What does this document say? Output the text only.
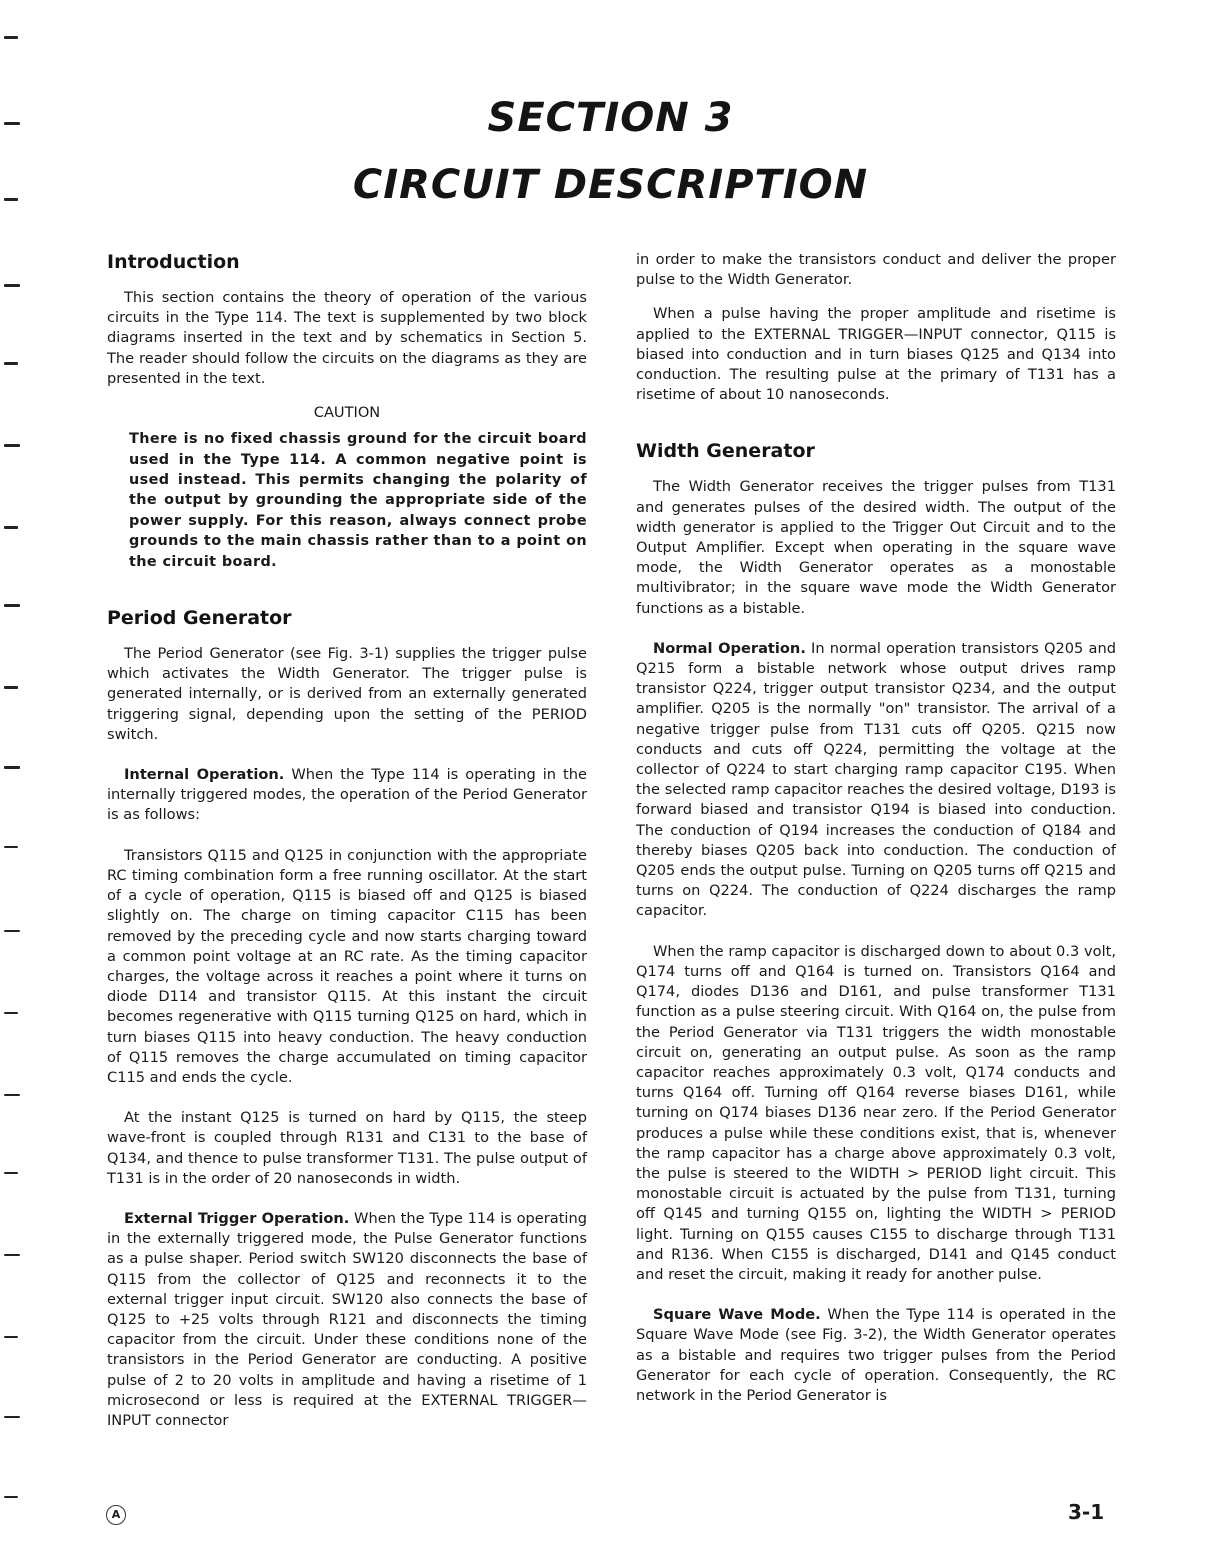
SECTION 3
CIRCUIT DESCRIPTION
Introduction

This section contains the theory of operation of the various circuits in the Type 114. The text is supplemented by two block diagrams inserted in the text and by schematics in Section 5. The reader should follow the circuits on the diagrams as they are presented in the text.

CAUTION

There is no fixed chassis ground for the circuit board used in the Type 114. A common negative point is used instead. This permits changing the polarity of the output by grounding the appropriate side of the power supply. For this reason, always connect probe grounds to the main chassis rather than to a point on the circuit board.

Period Generator

The Period Generator (see Fig. 3-1) supplies the trigger pulse which activates the Width Generator. The trigger pulse is generated internally, or is derived from an externally generated triggering signal, depending upon the setting of the PERIOD switch.

Internal Operation. When the Type 114 is operating in the internally triggered modes, the operation of the Period Generator is as follows:

Transistors Q115 and Q125 in conjunction with the appropriate RC timing combination form a free running oscillator. At the start of a cycle of operation, Q115 is biased off and Q125 is biased slightly on. The charge on timing capacitor C115 has been removed by the preceding cycle and now starts charging toward a common point voltage at an RC rate. As the timing capacitor charges, the voltage across it reaches a point where it turns on diode D114 and transistor Q115. At this instant the circuit becomes regenerative with Q115 turning Q125 on hard, which in turn biases Q115 into heavy conduction. The heavy conduction of Q115 removes the charge accumulated on timing capacitor C115 and ends the cycle.

At the instant Q125 is turned on hard by Q115, the steep wave-front is coupled through R131 and C131 to the base of Q134, and thence to pulse transformer T131. The pulse output of T131 is in the order of 20 nanoseconds in width.

External Trigger Operation. When the Type 114 is operating in the externally triggered mode, the Pulse Generator functions as a pulse shaper. Period switch SW120 disconnects the base of Q115 from the collector of Q125 and reconnects it to the external trigger input circuit. SW120 also connects the base of Q125 to +25 volts through R121 and disconnects the timing capacitor from the circuit. Under these conditions none of the transistors in the Period Generator are conducting. A positive pulse of 2 to 20 volts in amplitude and having a risetime of 1 microsecond or less is required at the EXTERNAL TRIGGER—INPUT connector

in order to make the transistors conduct and deliver the proper pulse to the Width Generator.

When a pulse having the proper amplitude and risetime is applied to the EXTERNAL TRIGGER—INPUT connector, Q115 is biased into conduction and in turn biases Q125 and Q134 into conduction. The resulting pulse at the primary of T131 has a risetime of about 10 nanoseconds.

Width Generator

The Width Generator receives the trigger pulses from T131 and generates pulses of the desired width. The output of the width generator is applied to the Trigger Out Circuit and to the Output Amplifier. Except when operating in the square wave mode, the Width Generator operates as a monostable multivibrator; in the square wave mode the Width Generator functions as a bistable.

Normal Operation. In normal operation transistors Q205 and Q215 form a bistable network whose output drives ramp transistor Q224, trigger output transistor Q234, and the output amplifier. Q205 is the normally "on" transistor. The arrival of a negative trigger pulse from T131 cuts off Q205. Q215 now conducts and cuts off Q224, permitting the voltage at the collector of Q224 to start charging ramp capacitor C195. When the selected ramp capacitor reaches the desired voltage, D193 is forward biased and transistor Q194 is biased into conduction. The conduction of Q194 increases the conduction of Q184 and thereby biases Q205 back into conduction. The conduction of Q205 ends the output pulse. Turning on Q205 turns off Q215 and turns on Q224. The conduction of Q224 discharges the ramp capacitor.

When the ramp capacitor is discharged down to about 0.3 volt, Q174 turns off and Q164 is turned on. Transistors Q164 and Q174, diodes D136 and D161, and pulse transformer T131 function as a pulse steering circuit. With Q164 on, the pulse from the Period Generator via T131 triggers the width monostable circuit on, generating an output pulse. As soon as the ramp capacitor reaches approximately 0.3 volt, Q174 conducts and turns Q164 off. Turning off Q164 reverse biases D161, while turning on Q174 biases D136 near zero. If the Period Generator produces a pulse while these conditions exist, that is, whenever the ramp capacitor has a charge above approximately 0.3 volt, the pulse is steered to the WIDTH > PERIOD light circuit. This monostable circuit is actuated by the pulse from T131, turning off Q145 and turning Q155 on, lighting the WIDTH > PERIOD light. Turning on Q155 causes C155 to discharge through T131 and R136. When C155 is discharged, D141 and Q145 conduct and reset the circuit, making it ready for another pulse.

Square Wave Mode. When the Type 114 is operated in the Square Wave Mode (see Fig. 3-2), the Width Generator operates as a bistable and requires two trigger pulses from the Period Generator for each cycle of operation. Consequently, the RC network in the Period Generator is

A	3-1
